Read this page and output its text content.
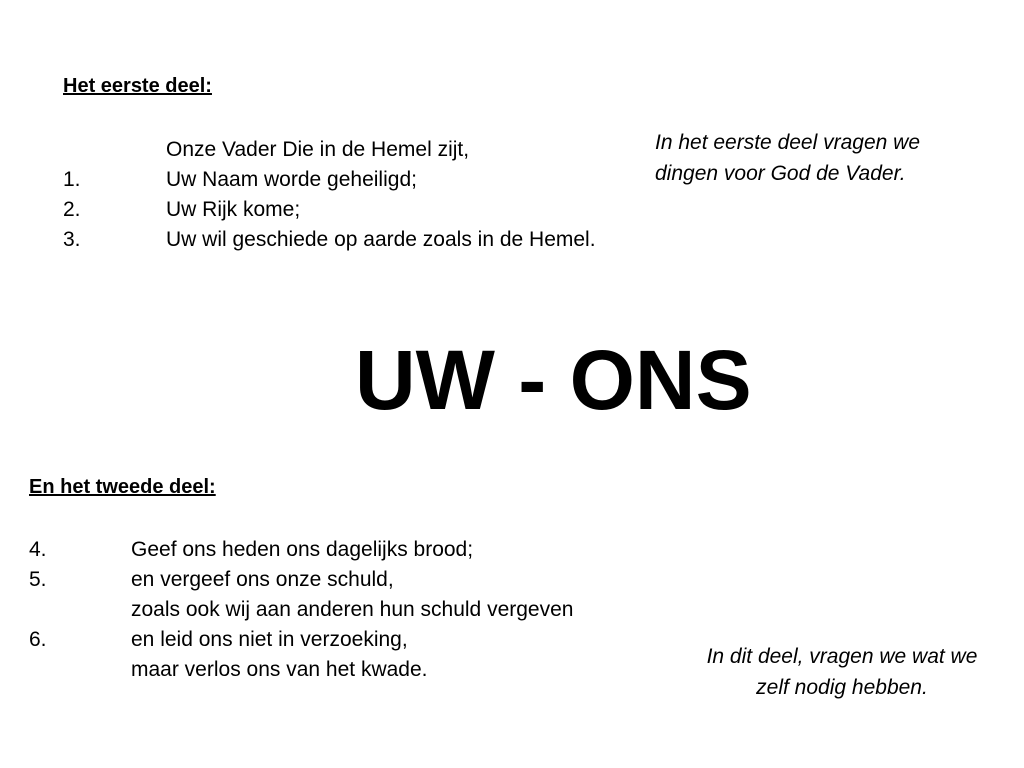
Het eerste deel:
Onze Vader Die in de Hemel zijt,
1.	Uw Naam worde geheiligd;
2.	Uw Rijk kome;
3.	Uw wil geschiede op aarde zoals in de Hemel.
In het eerste deel vragen we
dingen voor God de Vader.
UW - ONS
En het tweede deel:
4.	Geef ons heden ons dagelijks brood;
5.	en vergeef ons onze schuld,
zoals ook wij aan anderen hun schuld vergeven
6.	en leid ons niet in verzoeking,
maar verlos ons van het kwade.
In dit deel, vragen we wat we
zelf nodig hebben.
